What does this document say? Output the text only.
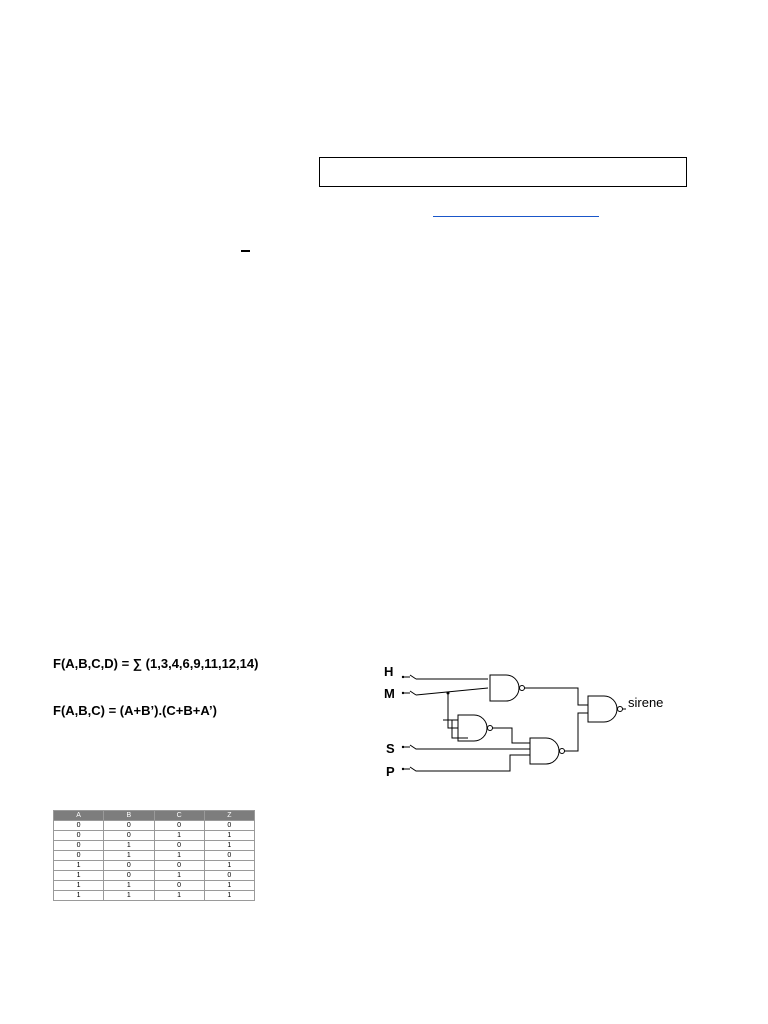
F(A,B,C,D) = ∑ (1,3,4,6,9,11,12,14)
F(A,B,C) = (A+B’).(C+B+A’)
A	B	C	Z
0	0	0	0
0	0	1	1
0	1	0	1
0	1	1	0
1	0	0	1
1	0	1	0
1	1	0	1
1	1	1	1
H
M
S
P
sirene
